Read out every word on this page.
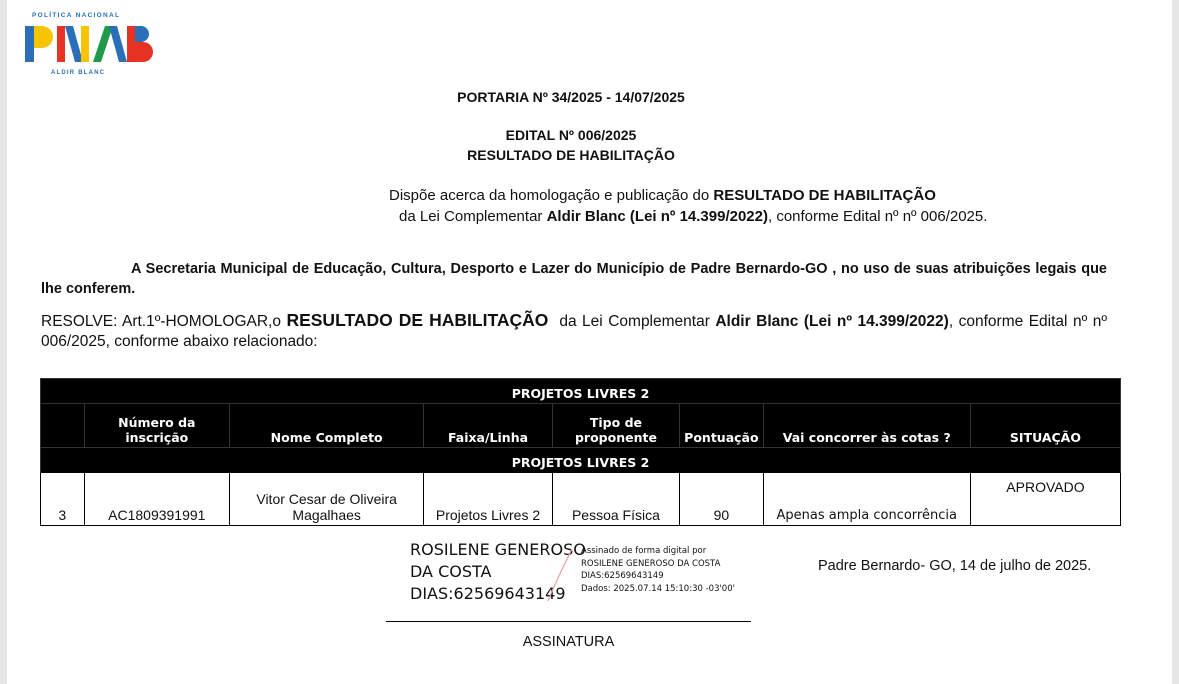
POLÍTICA NACIONAL
ALDIR BLANC
PORTARIA Nº 34/2025 - 14/07/2025
EDITAL Nº 006/2025
RESULTADO DE HABILITAÇÃO
Dispõe acerca da homologação e publicação do RESULTADO DE HABILITAÇÃO
da Lei Complementar Aldir Blanc (Lei nº 14.399/2022), conforme Edital nº nº 006/2025.
A Secretaria Municipal de Educação, Cultura, Desporto e Lazer do Município de Padre Bernardo-GO , no uso de suas atribuições legais que lhe conferem.
RESOLVE: Art.1º-HOMOLOGAR,o RESULTADO DE HABILITAÇÃO  da Lei Complementar Aldir Blanc (Lei nº 14.399/2022), conforme Edital nº nº 006/2025, conforme abaixo relacionado:
PROJETOS LIVRES 2							
	Número da inscrição	Nome Completo	Faixa/Linha	Tipo de proponente	Pontuação	Vai concorrer às cotas ?	SITUAÇÃO
PROJETOS LIVRES 2							
3	AC1809391991	Vitor Cesar de Oliveira Magalhaes	Projetos Livres 2	Pessoa Física	90	Apenas ampla concorrência	APROVADO
ROSILENE GENEROSO
DA COSTA
DIAS:62569643149
Assinado de forma digital por
ROSILENE GENEROSO DA COSTA
DIAS:62569643149
Dados: 2025.07.14 15:10:30 -03'00'
Padre Bernardo- GO, 14 de julho de 2025.
ASSINATURA
